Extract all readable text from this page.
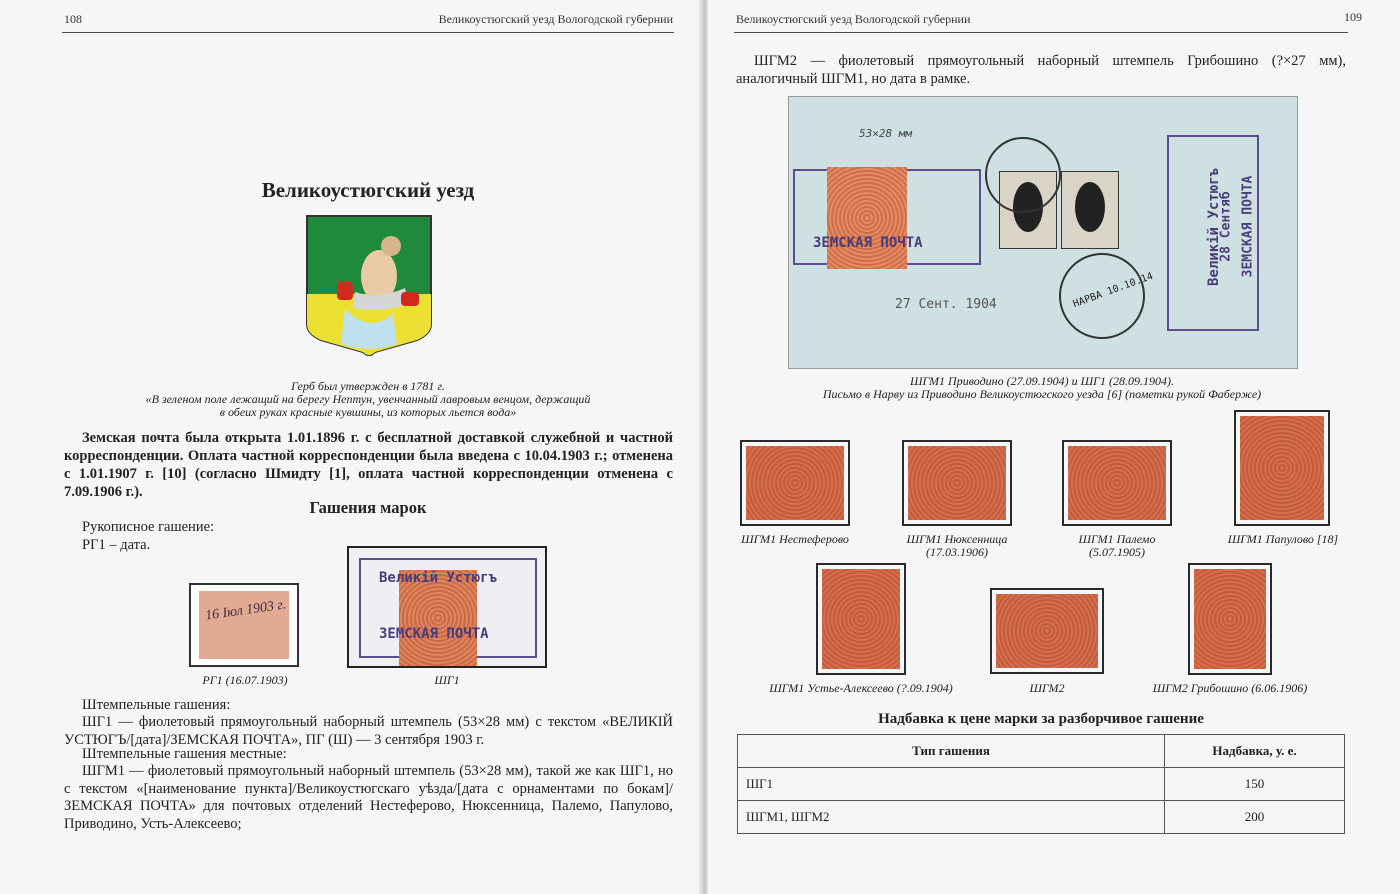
108	Великоустюгский уезд Вологодской губернии
Великоустюгский уезд
Герб был утвержден в 1781 г.
«В зеленом поле лежащий на берегу Нептун, увенчанный лавровым венцом, держащий
в обеих руках красные кувшины, из которых льется вода»
Земская почта была открыта 1.01.1896 г. с бесплатной доставкой служебной и частной корреспонденции. Оплата частной корреспонденции была введена с 10.04.1903 г.; отменена с 1.01.1907 г. [10] (согласно Шмидту [1], оплата частной корреспонденции отменена с 7.09.1906 г.).
Гашения марок
Рукописное гашение:
РГ1 – дата.
16 Іюл 1903 г.
РГ1 (16.07.1903)
Великій Устюгъ
ЗЕМСКАЯ ПОЧТА
ШГ1
Штемпельные гашения:
ШГ1 — фиолетовый прямоугольный наборный штемпель (53×28 мм) с текстом «ВЕЛИКІЙ УСТЮГЪ/[дата]/ЗЕМСКАЯ ПОЧТА», ПГ (Ш) — 3 сентября 1903 г.
Штемпельные гашения местные:
ШГМ1 — фиолетовый прямоугольный наборный штемпель (53×28 мм), такой же как ШГ1, но с текстом «[наименование пункта]/Великоустюгскаго уѣзда/[дата с орнаментами по бокам]/ЗЕМСКАЯ ПОЧТА» для почтовых отделений Нестеферово, Нюксенница, Палемо, Папулово, Приводино, Усть-Алексеево;
Великоустюгский уезд Вологодской губернии	109
ШГМ2 — фиолетовый прямоугольный наборный штемпель Грибошино (?×27 мм), аналогичный ШГМ1, но дата в рамке.
53×28 мм
ЗЕМСКАЯ ПОЧТА
НАРВА 10.10.14
27 Сент. 1904
Великій Устюгъ
28 Сентяб ЗЕМСКАЯ ПОЧТА
ШГМ1 Приводино (27.09.1904) и ШГ1 (28.09.1904).
Письмо в Нарву из Приводино Великоустюгского уезда [6] (пометки рукой Фаберже)
ШГМ1 Нестеферово	ШГМ1 Нюксенница
(17.03.1906)
ШГМ1 Палемо
(5.07.1905)
ШГМ1 Папулово [18]
ШГМ1 Устье-Алексеево (?.09.1904)	ШГМ2	ШГМ2 Грибошино (6.06.1906)
Надбавка к цене марки за разборчивое гашение
Тип гашения	Надбавка, у. е.
ШГ1	150
ШГМ1, ШГМ2	200
